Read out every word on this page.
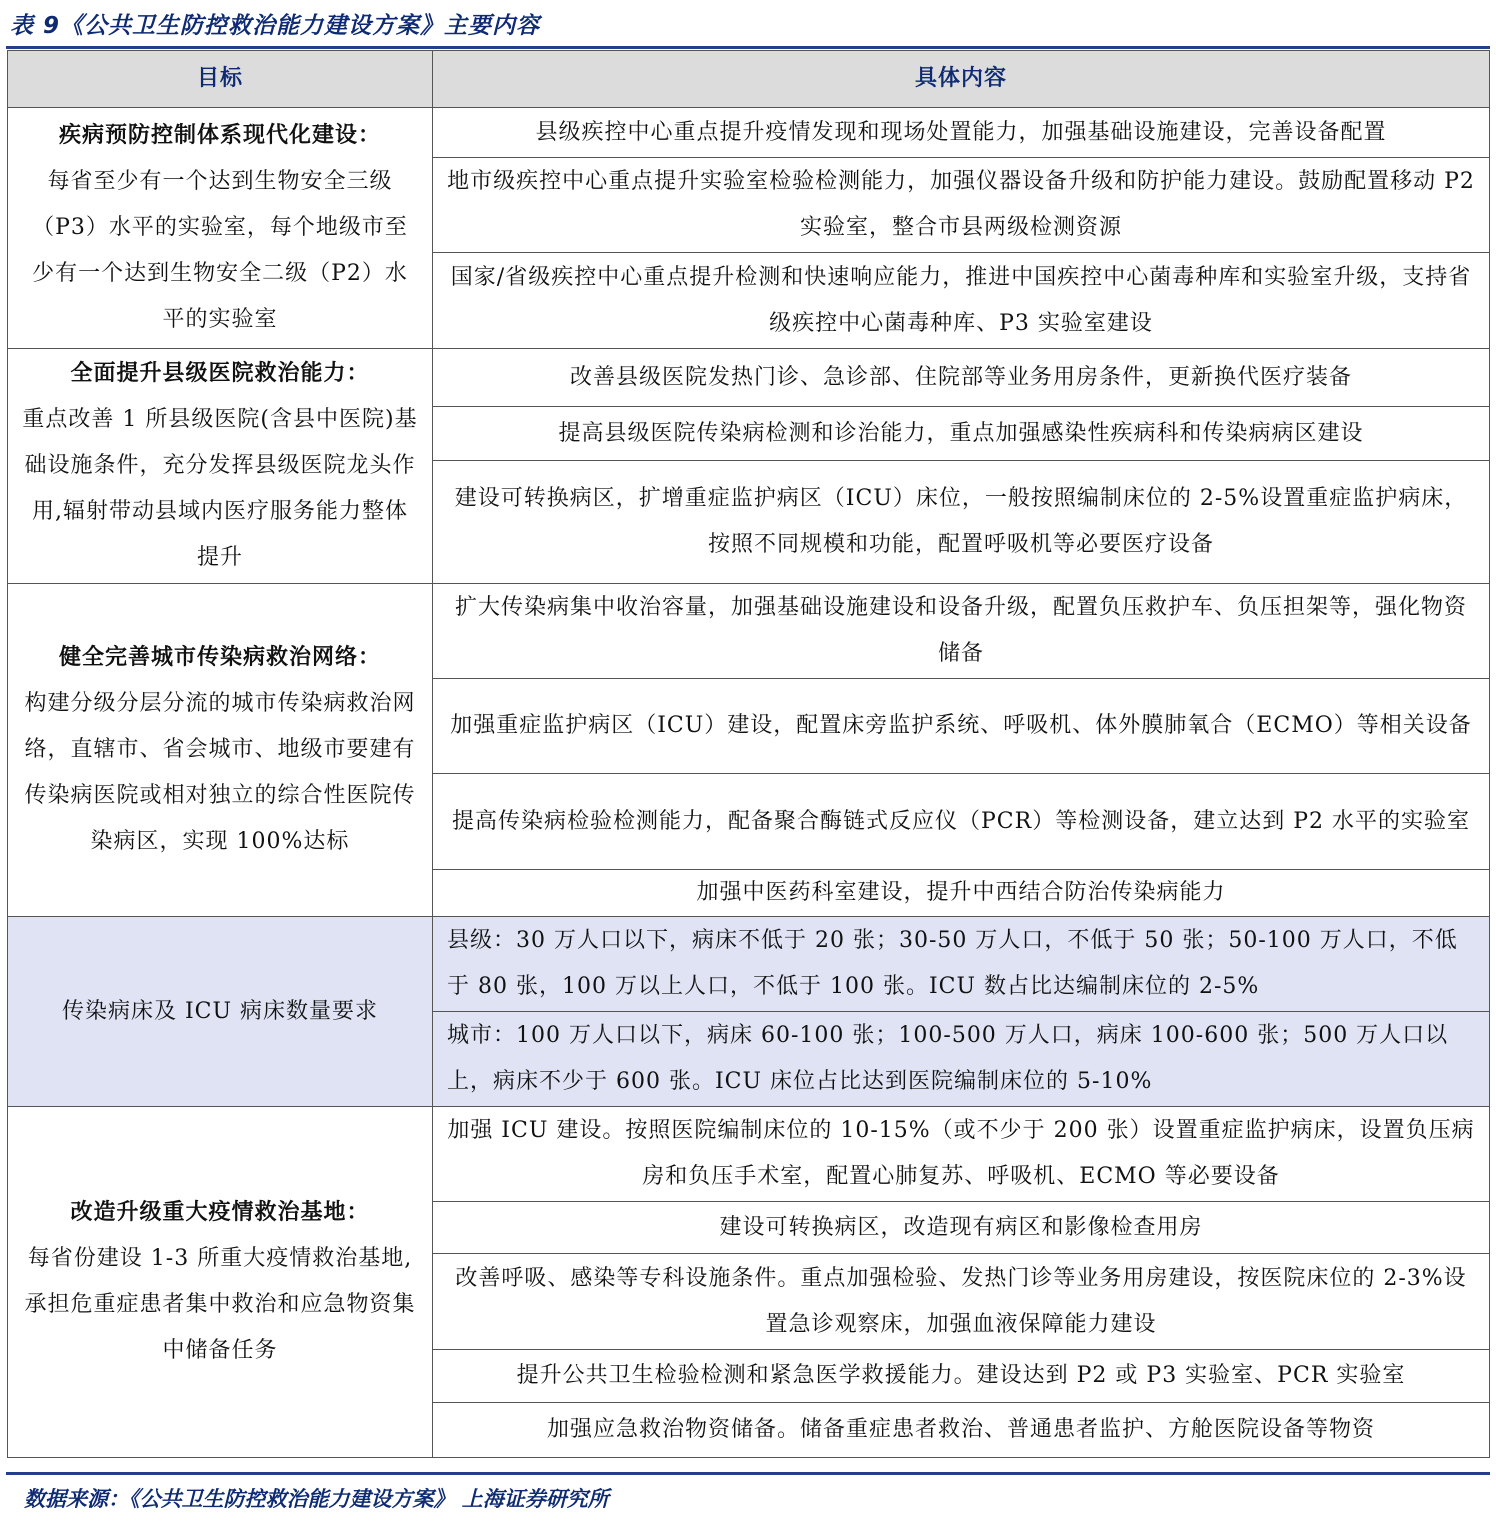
表 9《公共卫生防控救治能力建设方案》主要内容
目标	具体内容

疾病预防控制体系现代化建设：
每省至少有一个达到生物安全三级（P3）水平的实验室，每个地级市至少有一个达到生物安全二级（P2）水平的实验室	县级疾控中心重点提升疫情发现和现场处置能力，加强基础设施建设，完善设备配置
	地市级疾控中心重点提升实验室检验检测能力，加强仪器设备升级和防护能力建设。鼓励配置移动 P2 实验室，整合市县两级检测资源
	国家/省级疾控中心重点提升检测和快速响应能力，推进中国疾控中心菌毒种库和实验室升级，支持省级疾控中心菌毒种库、P3 实验室建设

全面提升县级医院救治能力：
重点改善 1 所县级医院(含县中医院)基础设施条件，充分发挥县级医院龙头作用,辐射带动县域内医疗服务能力整体提升	改善县级医院发热门诊、急诊部、住院部等业务用房条件，更新换代医疗装备
	提高县级医院传染病检测和诊治能力，重点加强感染性疾病科和传染病病区建设
	建设可转换病区，扩增重症监护病区（ICU）床位，一般按照编制床位的 2-5%设置重症监护病床，按照不同规模和功能，配置呼吸机等必要医疗设备

健全完善城市传染病救治网络：
构建分级分层分流的城市传染病救治网络，直辖市、省会城市、地级市要建有传染病医院或相对独立的综合性医院传染病区，实现 100%达标	扩大传染病集中收治容量，加强基础设施建设和设备升级，配置负压救护车、负压担架等，强化物资储备
	加强重症监护病区（ICU）建设，配置床旁监护系统、呼吸机、体外膜肺氧合（ECMO）等相关设备
	提高传染病检验检测能力，配备聚合酶链式反应仪（PCR）等检测设备，建立达到 P2 水平的实验室
	加强中医药科室建设，提升中西结合防治传染病能力

传染病床及 ICU 病床数量要求	县级：30 万人口以下，病床不低于 20 张；30-50 万人口，不低于 50 张；50-100 万人口，不低于 80 张，100 万以上人口，不低于 100 张。ICU 数占比达编制床位的 2-5%
	城市：100 万人口以下，病床 60-100 张；100-500 万人口，病床 100-600 张；500 万人口以上，病床不少于 600 张。ICU 床位占比达到医院编制床位的 5-10%

改造升级重大疫情救治基地：
每省份建设 1-3 所重大疫情救治基地,承担危重症患者集中救治和应急物资集中储备任务	加强 ICU 建设。按照医院编制床位的 10-15%（或不少于 200 张）设置重症监护病床，设置负压病房和负压手术室，配置心肺复苏、呼吸机、ECMO 等必要设备
	建设可转换病区，改造现有病区和影像检查用房
	改善呼吸、感染等专科设施条件。重点加强检验、发热门诊等业务用房建设，按医院床位的 2-3%设置急诊观察床，加强血液保障能力建设
	提升公共卫生检验检测和紧急医学救援能力。建设达到 P2 或 P3 实验室、PCR 实验室
	加强应急救治物资储备。储备重症患者救治、普通患者监护、方舱医院设备等物资
数据来源：《公共卫生防控救治能力建设方案》 上海证券研究所
